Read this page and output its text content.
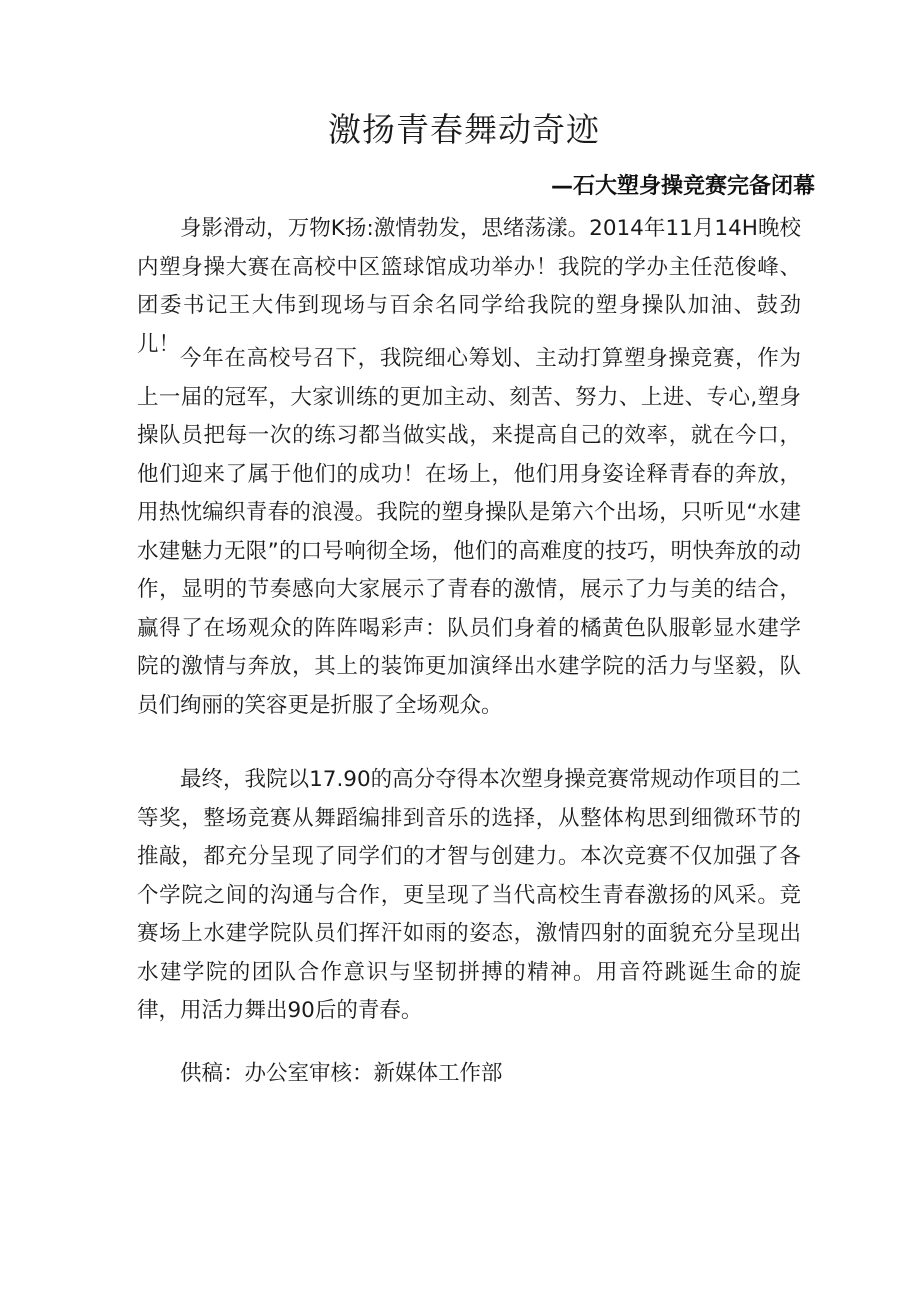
激扬青春舞动奇迹
—石大塑身操竞赛完备闭幕

身影滑动，万物K扬:激情勃发，思绪荡漾。2014年11月14H晚校内塑身操大赛在高校中区篮球馆成功举办！我院的学办主任范俊峰、团委书记王大伟到现场与百余名同学给我院的塑身操队加油、鼓劲儿！

今年在高校号召下，我院细心筹划、主动打算塑身操竞赛，作为上一届的冠军，大家训练的更加主动、刻苦、努力、上进、专心,塑身操队员把每一次的练习都当做实战，来提高自己的效率，就在今口，他们迎来了属于他们的成功！在场上，他们用身姿诠释青春的奔放，用热忱编织青春的浪漫。我院的塑身操队是第六个出场，只听见“水建水建魅力无限”的口号响彻全场，他们的高难度的技巧，明快奔放的动作，显明的节奏感向大家展示了青春的激情，展示了力与美的结合，赢得了在场观众的阵阵喝彩声：队员们身着的橘黄色队服彰显水建学院的激情与奔放，其上的装饰更加演绎出水建学院的活力与坚毅，队员们绚丽的笑容更是折服了全场观众。

最终，我院以17.90的高分夺得本次塑身操竞赛常规动作项目的二等奖，整场竞赛从舞蹈编排到音乐的选择，从整体构思到细微环节的推敲，都充分呈现了同学们的才智与创建力。本次竞赛不仅加强了各个学院之间的沟通与合作，更呈现了当代高校生青春激扬的风采。竞赛场上水建学院队员们挥汗如雨的姿态，激情四射的面貌充分呈现出水建学院的团队合作意识与坚韧拼搏的精神。用音符跳诞生命的旋律，用活力舞出90后的青春。

供稿：办公室审核：新媒体工作部
